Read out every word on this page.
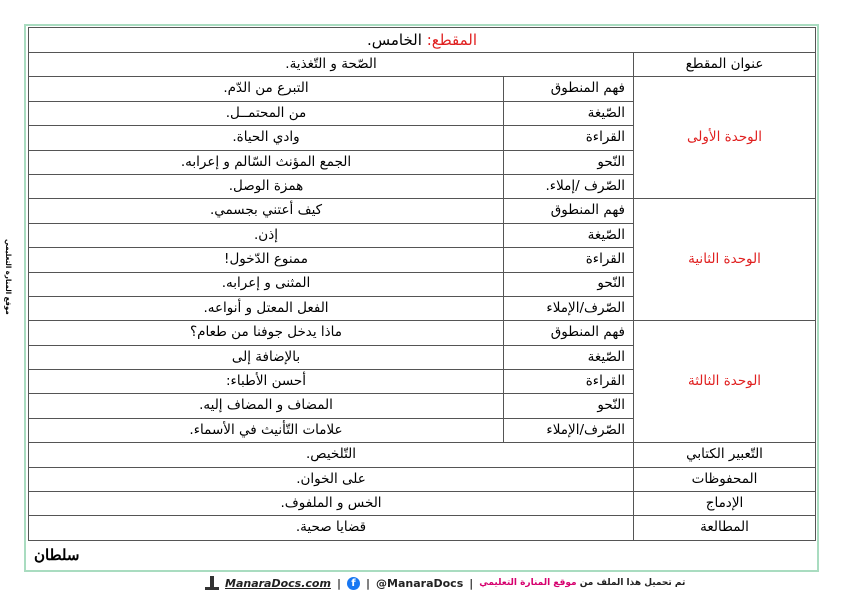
موقع المنارة التعليمي
المقطع: الخامس.		
عنوان المقطع	الصّحة و التّغذية.	
الوحدة الأولى	فهم المنطوق	التبرع من الدّم.
	الصّيغة	من المحتمــل.
	القراءة	وادي الحياة.
	النّحو	الجمع المؤنث السّالم و إعرابه.
	الصّرف /إملاء.	همزة الوصل.
الوحدة الثانية	فهم المنطوق	كيف أعتني بجسمي.
	الصّيغة	إذن.
	القراءة	ممنوع الدّخول!
	النّحو	المثنى و إعرابه.
	الصّرف/الإملاء	الفعل المعتل و أنواعه.
الوحدة الثالثة	فهم المنطوق	ماذا يدخل جوفنا من طعام؟
	الصّيغة	بالإضافة إلى
	القراءة	أحسن الأطباء:
	النّحو	المضاف و المضاف إليه.
	الصّرف/الإملاء	علامات التّأنيث في الأسماء.
التّعبير الكتابي	التّلخيص.	
المحفوظات	على الخوان.	
الإدماج	الخس و الملفوف.	
المطالعة	قضايا صحية.	
سلطان
ManaraDocs.com |	f | @ManaraDocs |	تم تحميل هذا الملف من موقع المنارة التعليمي
